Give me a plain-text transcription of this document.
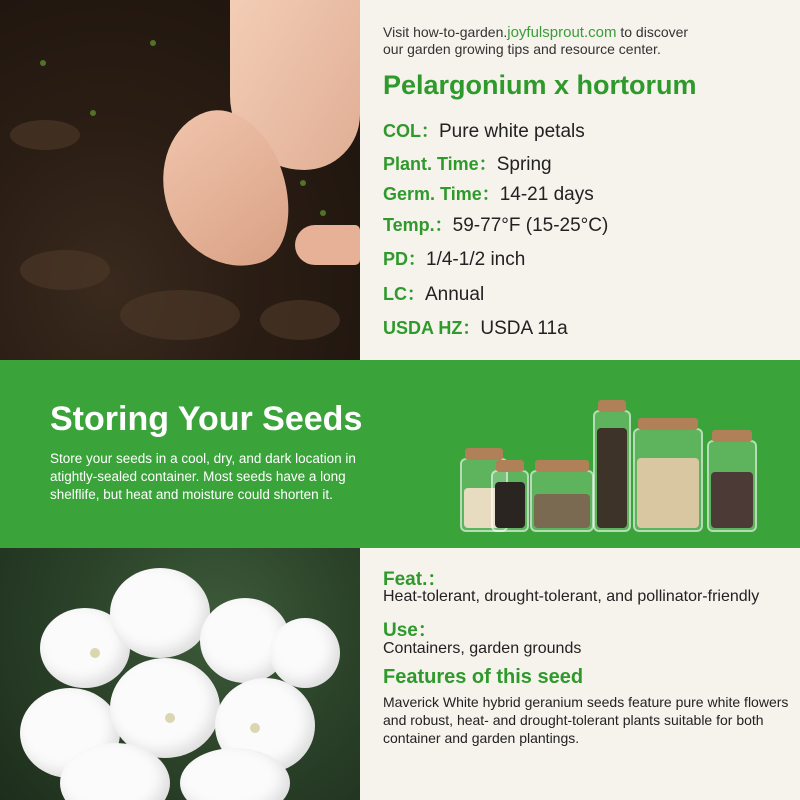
Visit how-to-garden.joyfulsprout.com to discover
our garden growing tips and resource center.
Pelargonium x hortorum
COL：Pure white petals
Plant. Time：Spring
Germ. Time：14-21 days
Temp.：59-77°F (15-25°C)
PD：1/4-1/2 inch
LC：Annual
USDA HZ：USDA 11a
Storing Your Seeds
Store your seeds in a cool, dry, and dark location in atightly-sealed container. Most seeds have a long shelflife, but heat and moisture could shorten it.
Feat.：
Heat-tolerant, drought-tolerant, and pollinator-friendly
Use：
Containers, garden grounds
Features of this seed
Maverick White hybrid geranium seeds feature pure white flowers and robust, heat- and drought-tolerant plants suitable for both container and garden plantings.
